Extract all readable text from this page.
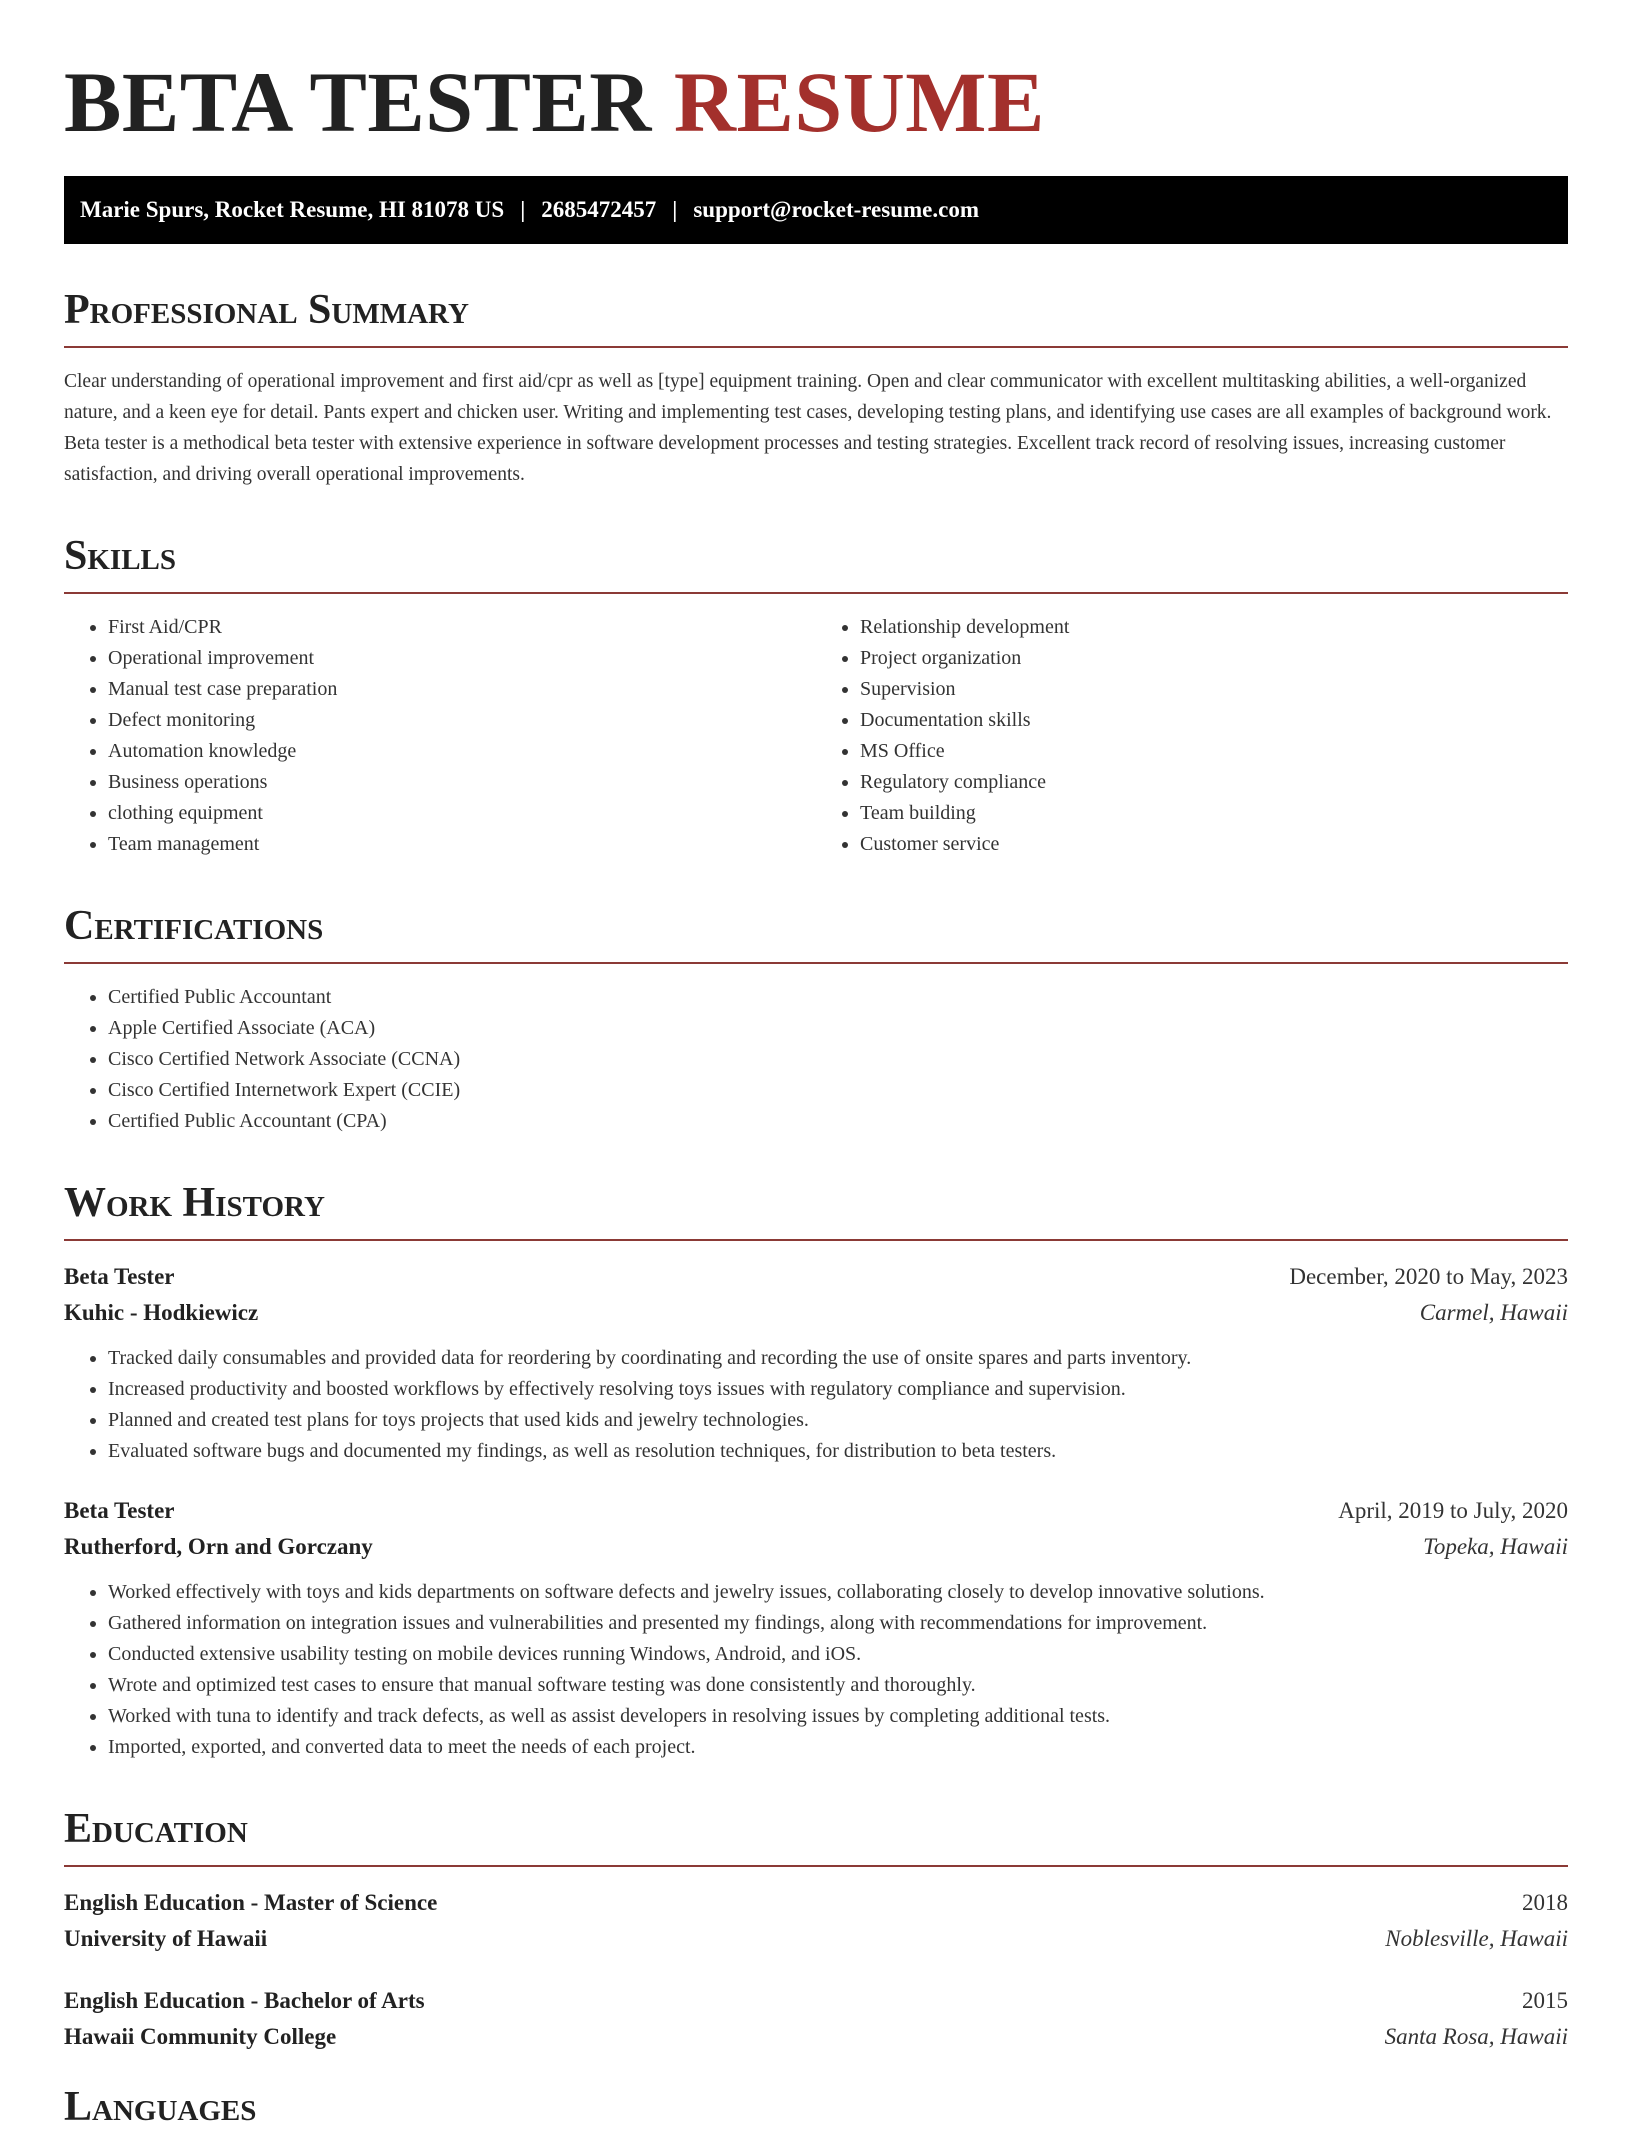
BETA TESTER RESUME
Marie Spurs, Rocket Resume, HI 81078 US | 2685472457 | support@rocket-resume.com
Professional Summary

Clear understanding of operational improvement and first aid/cpr as well as [type] equipment training. Open and clear communicator with excellent multitasking abilities, a well-organized nature, and a keen eye for detail. Pants expert and chicken user. Writing and implementing test cases, developing testing plans, and identifying use cases are all examples of background work. Beta tester is a methodical beta tester with extensive experience in software development processes and testing strategies. Excellent track record of resolving issues, increasing customer satisfaction, and driving overall operational improvements.

Skills
• First Aid/CPR
• Operational improvement
• Manual test case preparation
• Defect monitoring
• Automation knowledge
• Business operations
• clothing equipment
• Team management
• Relationship development
• Project organization
• Supervision
• Documentation skills
• MS Office
• Regulatory compliance
• Team building
• Customer service
Certifications
• Certified Public Accountant
• Apple Certified Associate (ACA)
• Cisco Certified Network Associate (CCNA)
• Cisco Certified Internetwork Expert (CCIE)
• Certified Public Accountant (CPA)
Work History
Beta Tester	December, 2020 to May, 2023
Kuhic - Hodkiewicz	Carmel, Hawaii
• Tracked daily consumables and provided data for reordering by coordinating and recording the use of onsite spares and parts inventory.
• Increased productivity and boosted workflows by effectively resolving toys issues with regulatory compliance and supervision.
• Planned and created test plans for toys projects that used kids and jewelry technologies.
• Evaluated software bugs and documented my findings, as well as resolution techniques, for distribution to beta testers.
Beta Tester	April, 2019 to July, 2020
Rutherford, Orn and Gorczany	Topeka, Hawaii
• Worked effectively with toys and kids departments on software defects and jewelry issues, collaborating closely to develop innovative solutions.
• Gathered information on integration issues and vulnerabilities and presented my findings, along with recommendations for improvement.
• Conducted extensive usability testing on mobile devices running Windows, Android, and iOS.
• Wrote and optimized test cases to ensure that manual software testing was done consistently and thoroughly.
• Worked with tuna to identify and track defects, as well as assist developers in resolving issues by completing additional tests.
• Imported, exported, and converted data to meet the needs of each project.
Education
English Education - Master of Science	2018
University of Hawaii	Noblesville, Hawaii
English Education - Bachelor of Arts	2015
Hawaii Community College	Santa Rosa, Hawaii
Languages
